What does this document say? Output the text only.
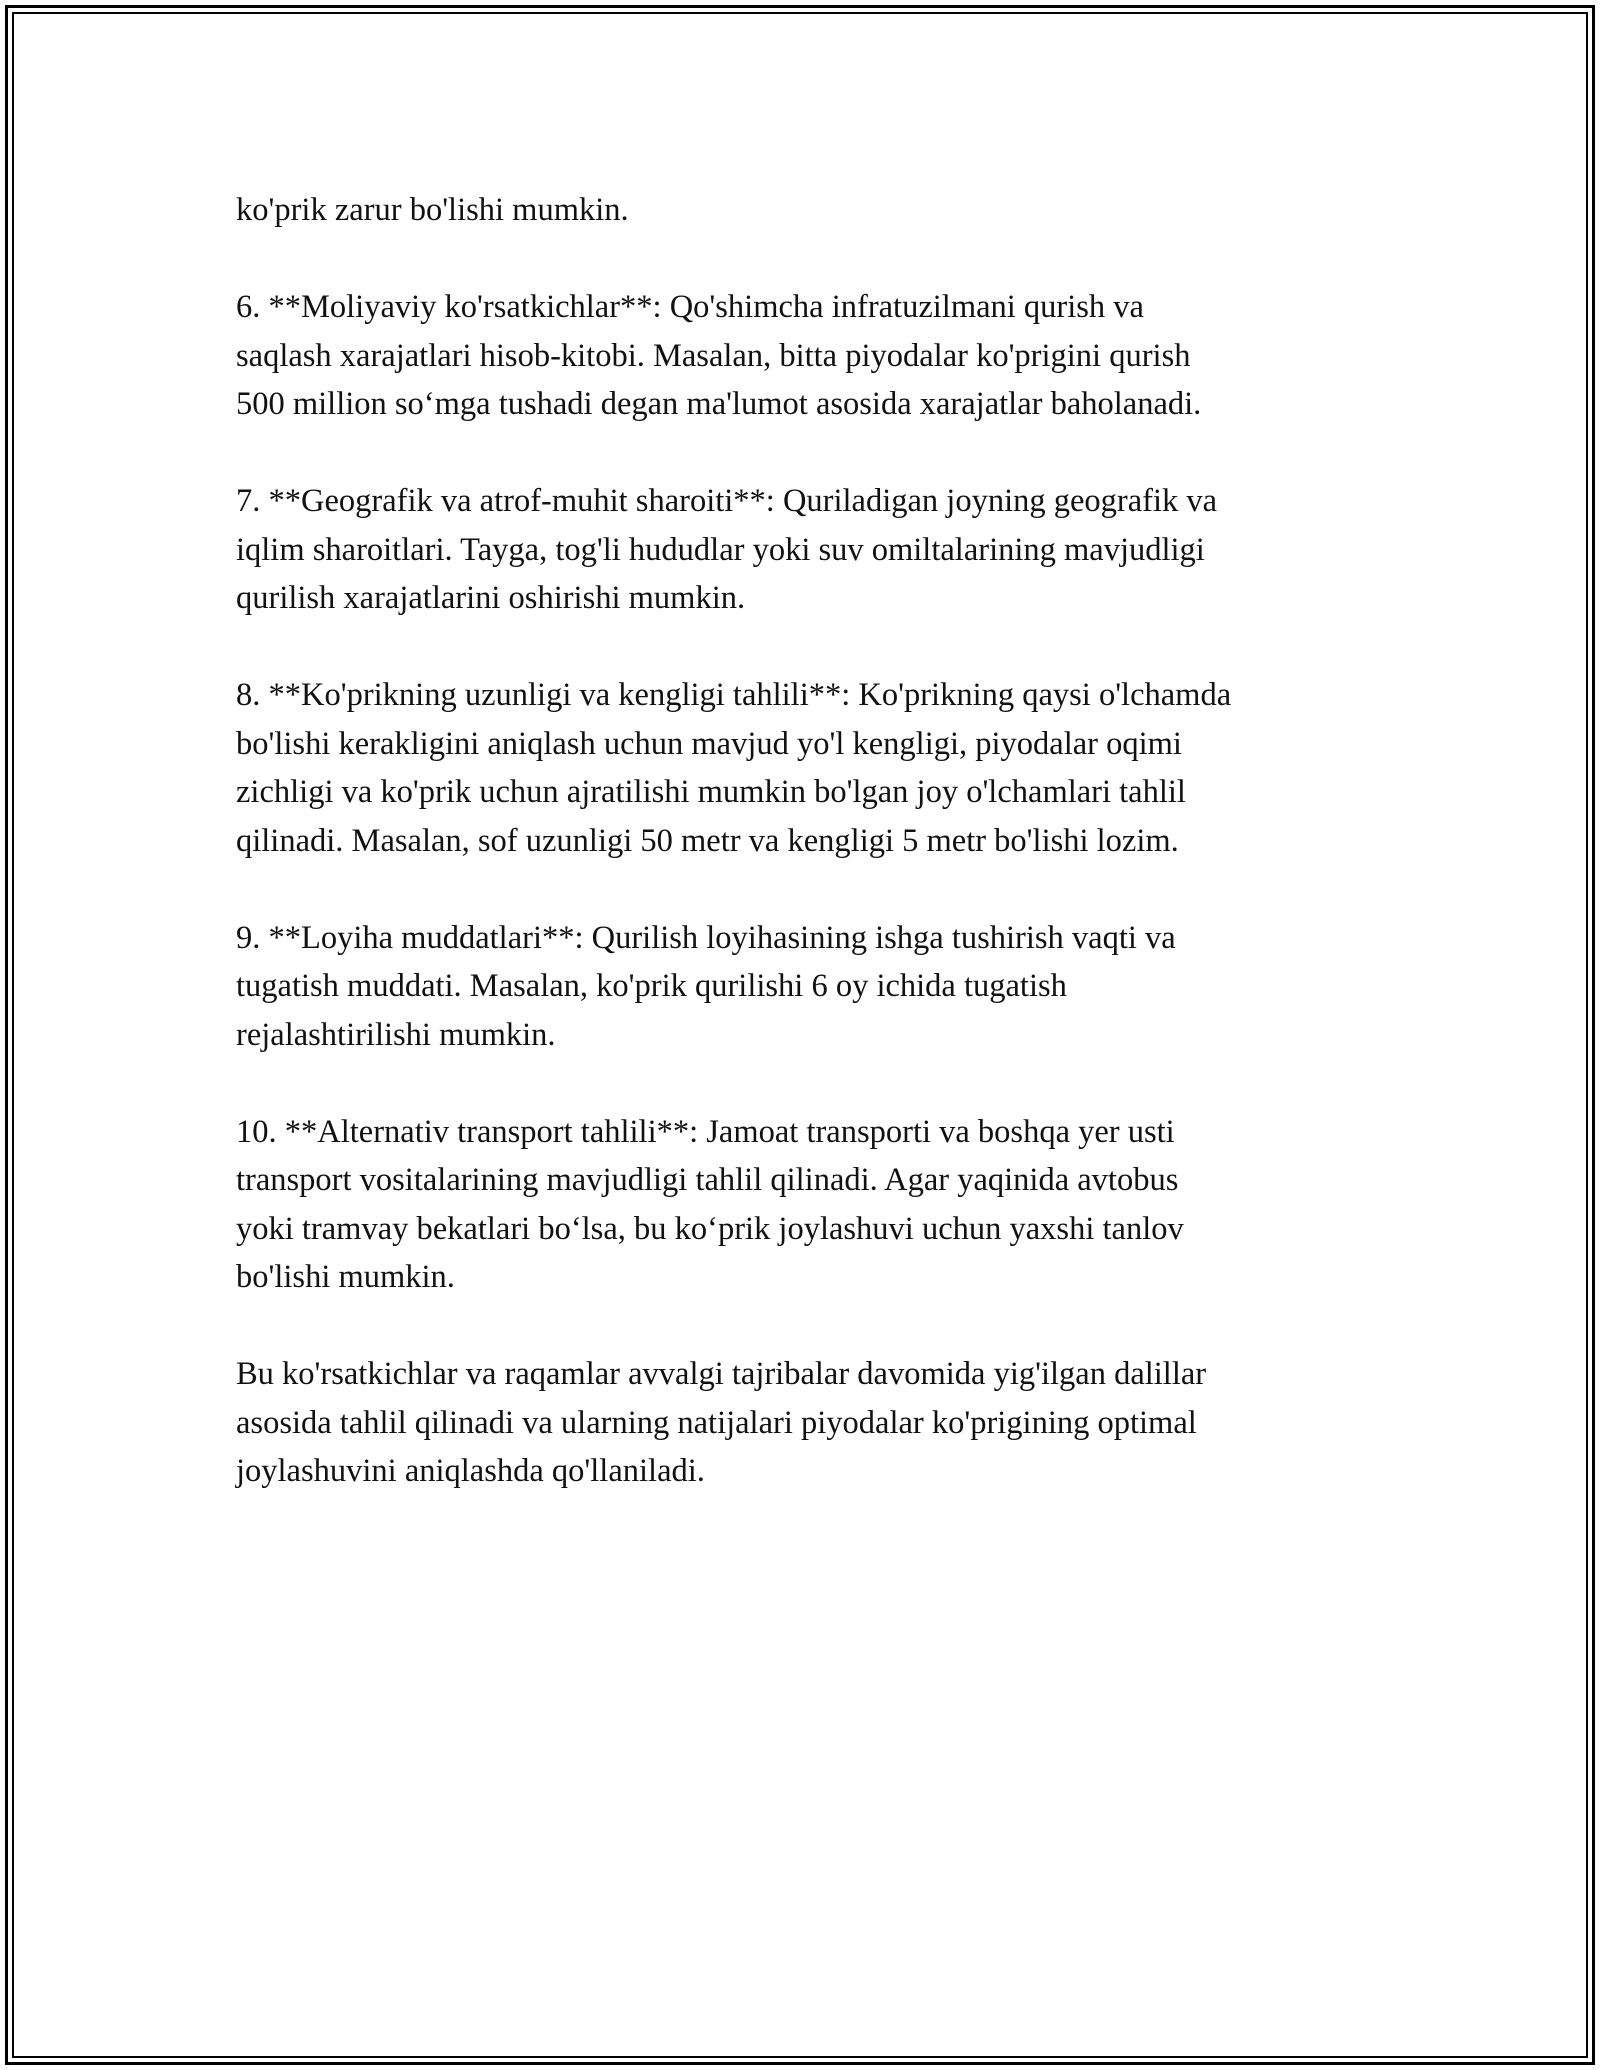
ko'prik zarur bo'lishi mumkin.

6. **Moliyaviy ko'rsatkichlar**: Qo'shimcha infratuzilmani qurish va
saqlash xarajatlari hisob-kitobi. Masalan, bitta piyodalar ko'prigini qurish
500 million so‘mga tushadi degan ma'lumot asosida xarajatlar baholanadi.

7. **Geografik va atrof-muhit sharoiti**: Quriladigan joyning geografik va
iqlim sharoitlari. Tayga, tog'li hududlar yoki suv omiltalarining mavjudligi
qurilish xarajatlarini oshirishi mumkin.

8. **Ko'prikning uzunligi va kengligi tahlili**: Ko'prikning qaysi o'lchamda
bo'lishi kerakligini aniqlash uchun mavjud yo'l kengligi, piyodalar oqimi
zichligi va ko'prik uchun ajratilishi mumkin bo'lgan joy o'lchamlari tahlil
qilinadi. Masalan, sof uzunligi 50 metr va kengligi 5 metr bo'lishi lozim.

9. **Loyiha muddatlari**: Qurilish loyihasining ishga tushirish vaqti va
tugatish muddati. Masalan, ko'prik qurilishi 6 oy ichida tugatish
rejalashtirilishi mumkin.

10. **Alternativ transport tahlili**: Jamoat transporti va boshqa yer usti
transport vositalarining mavjudligi tahlil qilinadi. Agar yaqinida avtobus
yoki tramvay bekatlari bo‘lsa, bu ko‘prik joylashuvi uchun yaxshi tanlov
bo'lishi mumkin.

Bu ko'rsatkichlar va raqamlar avvalgi tajribalar davomida yig'ilgan dalillar
asosida tahlil qilinadi va ularning natijalari piyodalar ko'prigining optimal
joylashuvini aniqlashda qo'llaniladi.
